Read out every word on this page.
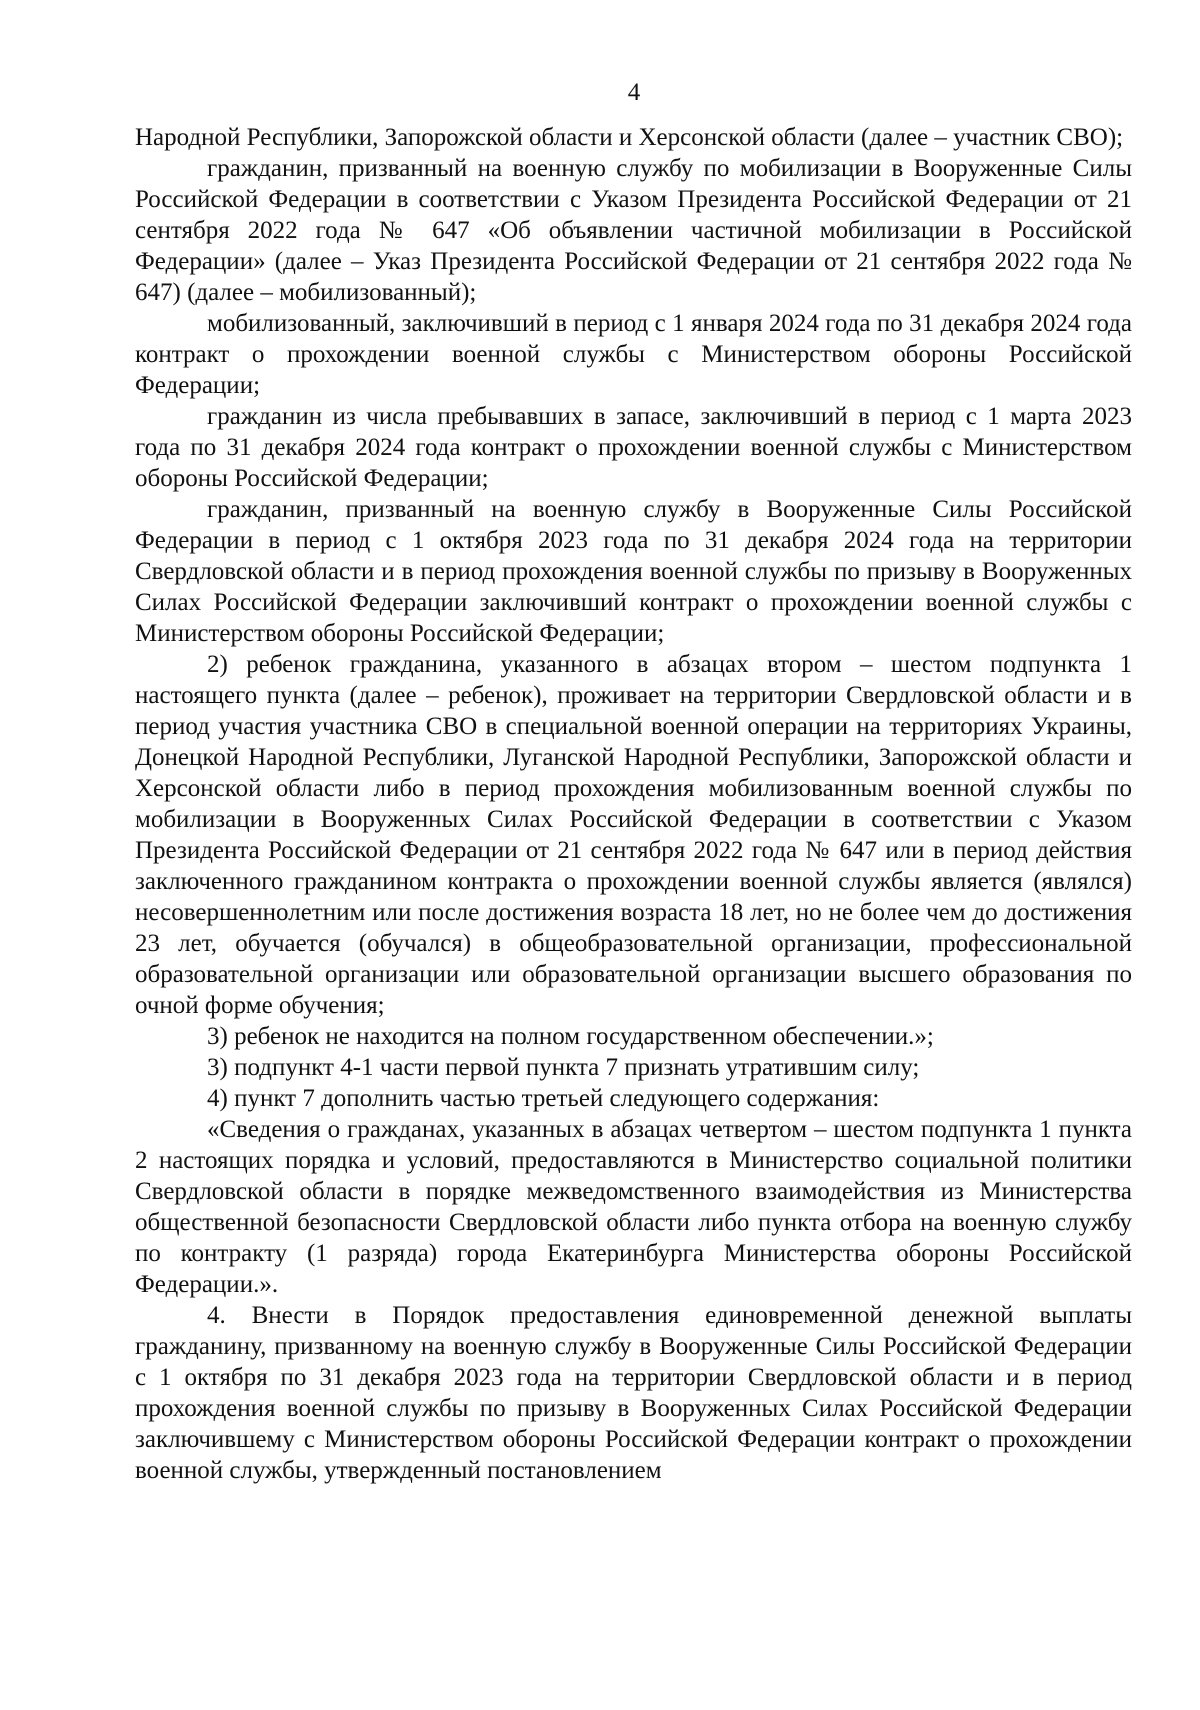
4

Народной Республики, Запорожской области и Херсонской области (далее – участник СВО);

гражданин, призванный на военную службу по мобилизации в Вооруженные Силы Российской Федерации в соответствии с Указом Президента Российской Федерации от 21 сентября 2022 года № 647 «Об объявлении частичной мобилизации в Российской Федерации» (далее – Указ Президента Российской Федерации от 21 сентября 2022 года № 647) (далее – мобилизованный);

мобилизованный, заключивший в период с 1 января 2024 года по 31 декабря 2024 года контракт о прохождении военной службы с Министерством обороны Российской Федерации;

гражданин из числа пребывавших в запасе, заключивший в период с 1 марта 2023 года по 31 декабря 2024 года контракт о прохождении военной службы с Министерством обороны Российской Федерации;

гражданин, призванный на военную службу в Вооруженные Силы Российской Федерации в период с 1 октября 2023 года по 31 декабря 2024 года на территории Свердловской области и в период прохождения военной службы по призыву в Вооруженных Силах Российской Федерации заключивший контракт о прохождении военной службы с Министерством обороны Российской Федерации;

2) ребенок гражданина, указанного в абзацах втором – шестом подпункта 1 настоящего пункта (далее – ребенок), проживает на территории Свердловской области и в период участия участника СВО в специальной военной операции на территориях Украины, Донецкой Народной Республики, Луганской Народной Республики, Запорожской области и Херсонской области либо в период прохождения мобилизованным военной службы по мобилизации в Вооруженных Силах Российской Федерации в соответствии с Указом Президента Российской Федерации от 21 сентября 2022 года № 647 или в период действия заключенного гражданином контракта о прохождении военной службы является (являлся) несовершеннолетним или после достижения возраста 18 лет, но не более чем до достижения 23 лет, обучается (обучался) в общеобразовательной организации, профессиональной образовательной организации или образовательной организации высшего образования по очной форме обучения;

3) ребенок не находится на полном государственном обеспечении.»;

3) подпункт 4-1 части первой пункта 7 признать утратившим силу;

4) пункт 7 дополнить частью третьей следующего содержания:

«Сведения о гражданах, указанных в абзацах четвертом – шестом подпункта 1 пункта 2 настоящих порядка и условий, предоставляются в Министерство социальной политики Свердловской области в порядке межведомственного взаимодействия из Министерства общественной безопасности Свердловской области либо пункта отбора на военную службу по контракту (1 разряда) города Екатеринбурга Министерства обороны Российской Федерации.».

4. Внести в Порядок предоставления единовременной денежной выплаты гражданину, призванному на военную службу в Вооруженные Силы Российской Федерации с 1 октября по 31 декабря 2023 года на территории Свердловской области и в период прохождения военной службы по призыву в Вооруженных Силах Российской Федерации заключившему с Министерством обороны Российской Федерации контракт о прохождении военной службы, утвержденный постановлением
